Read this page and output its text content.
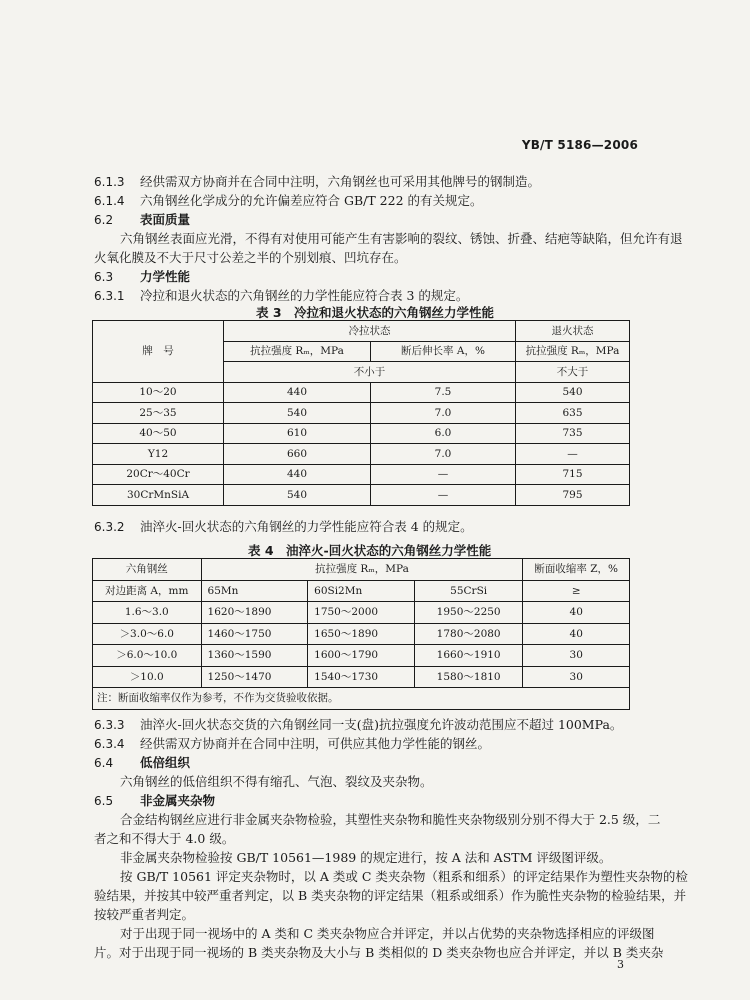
YB/T 5186—2006
6.1.3 经供需双方协商并在合同中注明，六角钢丝也可采用其他牌号的钢制造。
6.1.4 六角钢丝化学成分的允许偏差应符合 GB/T 222 的有关规定。
6.2 表面质量
六角钢丝表面应光滑，不得有对使用可能产生有害影响的裂纹、锈蚀、折叠、结疤等缺陷，但允许有退
火氧化膜及不大于尺寸公差之半的个别划痕、凹坑存在。
6.3 力学性能
6.3.1 冷拉和退火状态的六角钢丝的力学性能应符合表 3 的规定。
表 3　冷拉和退火状态的六角钢丝力学性能
牌　号	冷拉状态		退火状态
	抗拉强度 Rₘ，MPa	断后伸长率 A，%	抗拉强度 Rₘ，MPa
	不小于		不大于
10～20	440	7.5	540
25～35	540	7.0	635
40～50	610	6.0	735
Y12	660	7.0	—
20Cr～40Cr	440	—	715
30CrMnSiA	540	—	795
6.3.2 油淬火-回火状态的六角钢丝的力学性能应符合表 4 的规定。
表 4　油淬火-回火状态的六角钢丝力学性能
六角钢丝	抗拉强度 Rₘ，MPa			断面收缩率 Z，%
对边距离 A，mm	65Mn	60Si2Mn	55CrSi	≥
1.6～3.0	1620～1890	1750～2000	1950～2250	40
＞3.0～6.0	1460～1750	1650～1890	1780～2080	40
＞6.0～10.0	1360～1590	1600～1790	1660～1910	30
＞10.0	1250～1470	1540～1730	1580～1810	30
注：断面收缩率仅作为参考，不作为交货验收依据。				
6.3.3 油淬火-回火状态交货的六角钢丝同一支(盘)抗拉强度允许波动范围应不超过 100MPa。
6.3.4 经供需双方协商并在合同中注明，可供应其他力学性能的钢丝。
6.4 低倍组织
六角钢丝的低倍组织不得有缩孔、气泡、裂纹及夹杂物。
6.5 非金属夹杂物
合金结构钢丝应进行非金属夹杂物检验，其塑性夹杂物和脆性夹杂物级别分别不得大于 2.5 级，二
者之和不得大于 4.0 级。
非金属夹杂物检验按 GB/T 10561—1989 的规定进行，按 A 法和 ASTM 评级图评级。
按 GB/T 10561 评定夹杂物时，以 A 类或 C 类夹杂物（粗系和细系）的评定结果作为塑性夹杂物的检
验结果，并按其中较严重者判定，以 B 类夹杂物的评定结果（粗系或细系）作为脆性夹杂物的检验结果，并
按较严重者判定。
对于出现于同一视场中的 A 类和 C 类夹杂物应合并评定，并以占优势的夹杂物选择相应的评级图
片。对于出现于同一视场的 B 类夹杂物及大小与 B 类相似的 D 类夹杂物也应合并评定，并以 B 类夹杂
3
